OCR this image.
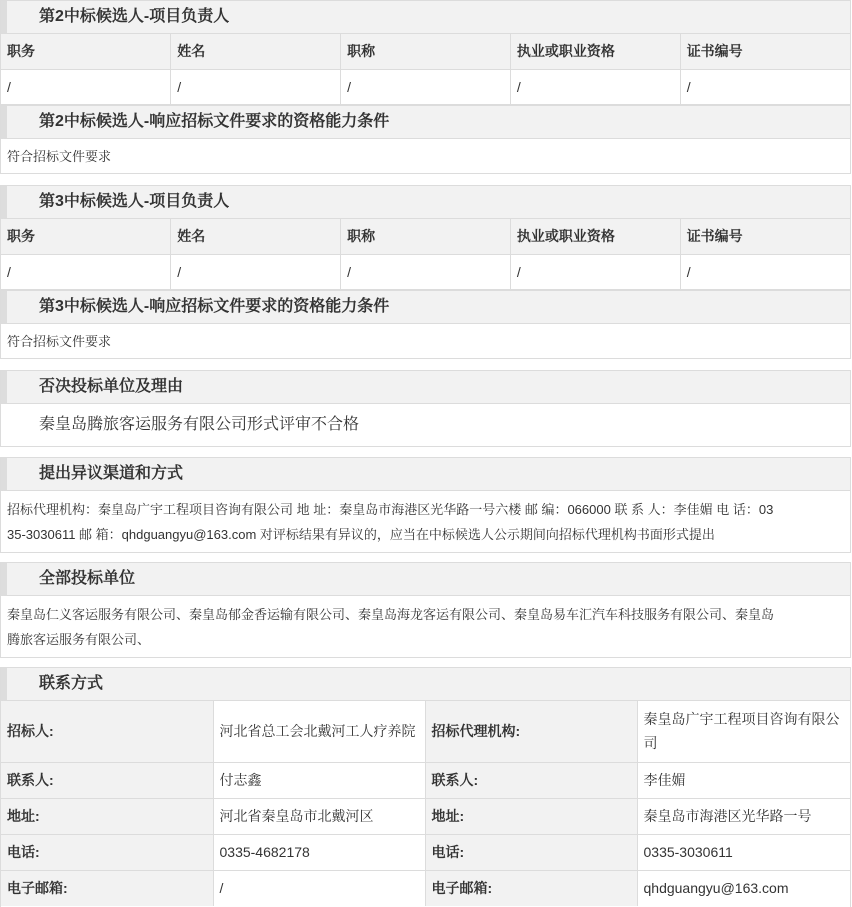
第2中标候选人-项目负责人
职务	姓名	职称	执业或职业资格	证书编号
/	/	/	/	/
第2中标候选人-响应招标文件要求的资格能力条件
符合招标文件要求
第3中标候选人-项目负责人
职务	姓名	职称	执业或职业资格	证书编号
/	/	/	/	/
第3中标候选人-响应招标文件要求的资格能力条件
符合招标文件要求
否决投标单位及理由
秦皇岛腾旅客运服务有限公司形式评审不合格
提出异议渠道和方式
招标代理机构：秦皇岛广宇工程项目咨询有限公司 地 址：秦皇岛市海港区光华路一号六楼 邮 编：066000 联 系 人：李佳媚 电 话：03
35-3030611 邮 箱：qhdguangyu@163.com 对评标结果有异议的，应当在中标候选人公示期间向招标代理机构书面形式提出
全部投标单位
秦皇岛仁义客运服务有限公司、秦皇岛郁金香运输有限公司、秦皇岛海龙客运有限公司、秦皇岛易车汇汽车科技服务有限公司、秦皇岛
腾旅客运服务有限公司、
联系方式
招标人:	河北省总工会北戴河工人疗养院	招标代理机构:	秦皇岛广宇工程项目咨询有限公
司

联系人:	付志鑫	联系人:	李佳媚
地址:	河北省秦皇岛市北戴河区	地址:	秦皇岛市海港区光华路一号
电话:	0335-4682178	电话:	0335-3030611
电子邮箱:	/	电子邮箱:	qhdguangyu@163.com
